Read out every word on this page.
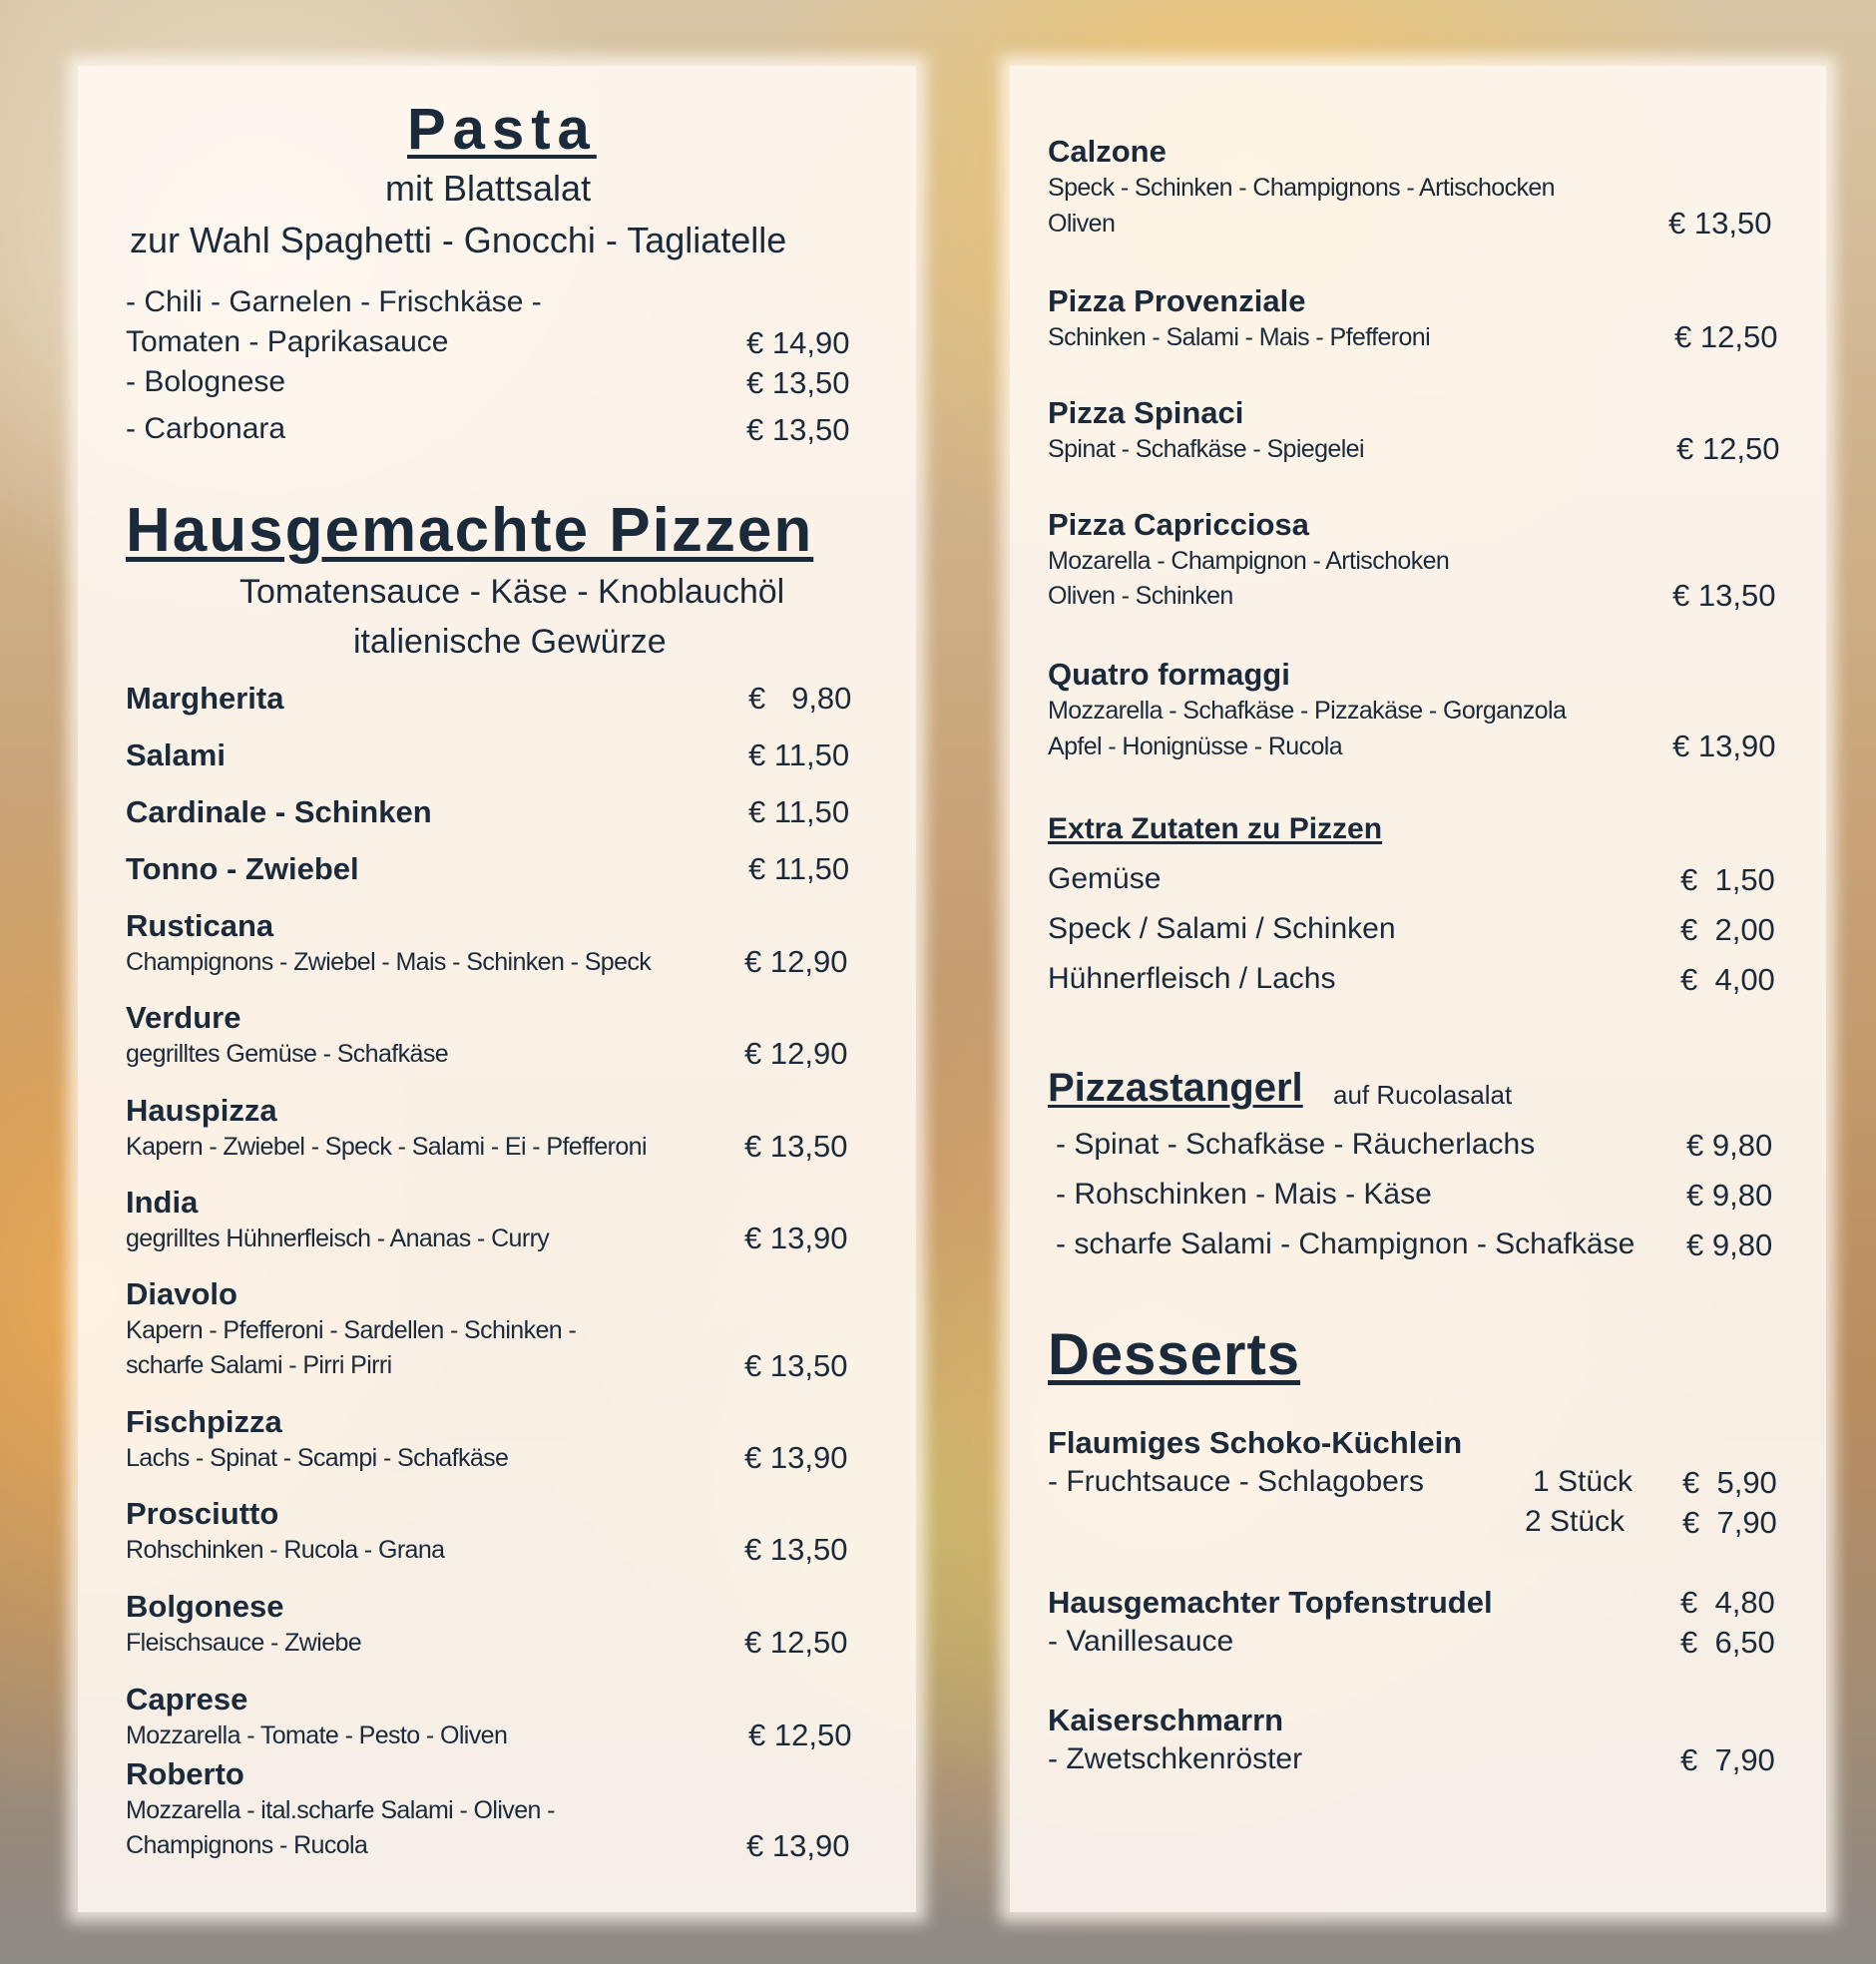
Pasta
mit Blattsalat
zur Wahl Spaghetti - Gnocchi - Tagliatelle
- Chili - Garnelen - Frischkäse -
Tomaten - Paprikasauce	€ 14,90
- Bolognese	€ 13,50
- Carbonara	€ 13,50
Hausgemachte Pizzen
Tomatensauce - Käse - Knoblauchöl
italienische Gewürze
Margherita	€   9,80
Salami	€ 11,50
Cardinale - Schinken	€ 11,50
Tonno - Zwiebel	€ 11,50
Rusticana
Champignons - Zwiebel - Mais - Schinken - Speck	€ 12,90
Verdure
gegrilltes Gemüse - Schafkäse	€ 12,90
Hauspizza
Kapern - Zwiebel - Speck - Salami - Ei - Pfefferoni	€ 13,50
India
gegrilltes Hühnerfleisch - Ananas - Curry	€ 13,90
Diavolo
Kapern - Pfefferoni - Sardellen - Schinken -
scharfe Salami - Pirri Pirri	€ 13,50
Fischpizza
Lachs - Spinat - Scampi - Schafkäse	€ 13,90
Prosciutto
Rohschinken - Rucola - Grana	€ 13,50
Bolgonese
Fleischsauce - Zwiebe	€ 12,50
Caprese
Mozzarella - Tomate - Pesto - Oliven	€ 12,50
Roberto
Mozzarella - ital.scharfe Salami - Oliven -
Champignons - Rucola	€ 13,90
Calzone
Speck - Schinken - Champignons - Artischocken
Oliven	€ 13,50
Pizza Provenziale
Schinken - Salami - Mais - Pfefferoni	€ 12,50
Pizza Spinaci
Spinat - Schafkäse - Spiegelei	€ 12,50
Pizza Capricciosa
Mozarella - Champignon - Artischoken
Oliven - Schinken	€ 13,50
Quatro formaggi
Mozzarella - Schafkäse - Pizzakäse - Gorganzola
Apfel - Honignüsse - Rucola	€ 13,90
Extra Zutaten zu Pizzen
Gemüse	€  1,50
Speck / Salami / Schinken	€  2,00
Hühnerfleisch / Lachs	€  4,00
Pizzastangerl auf Rucolasalat
- Spinat - Schafkäse - Räucherlachs	€ 9,80
- Rohschinken - Mais - Käse	€ 9,80
- scharfe Salami - Champignon - Schafkäse € 9,80
Desserts
Flaumiges Schoko-Küchlein
- Fruchtsauce - Schlagobers	1 Stück €  5,90
2 Stück €  7,90
Hausgemachter Topfenstrudel	€  4,80
- Vanillesauce	€  6,50
Kaiserschmarrn
- Zwetschkenröster	€  7,90
